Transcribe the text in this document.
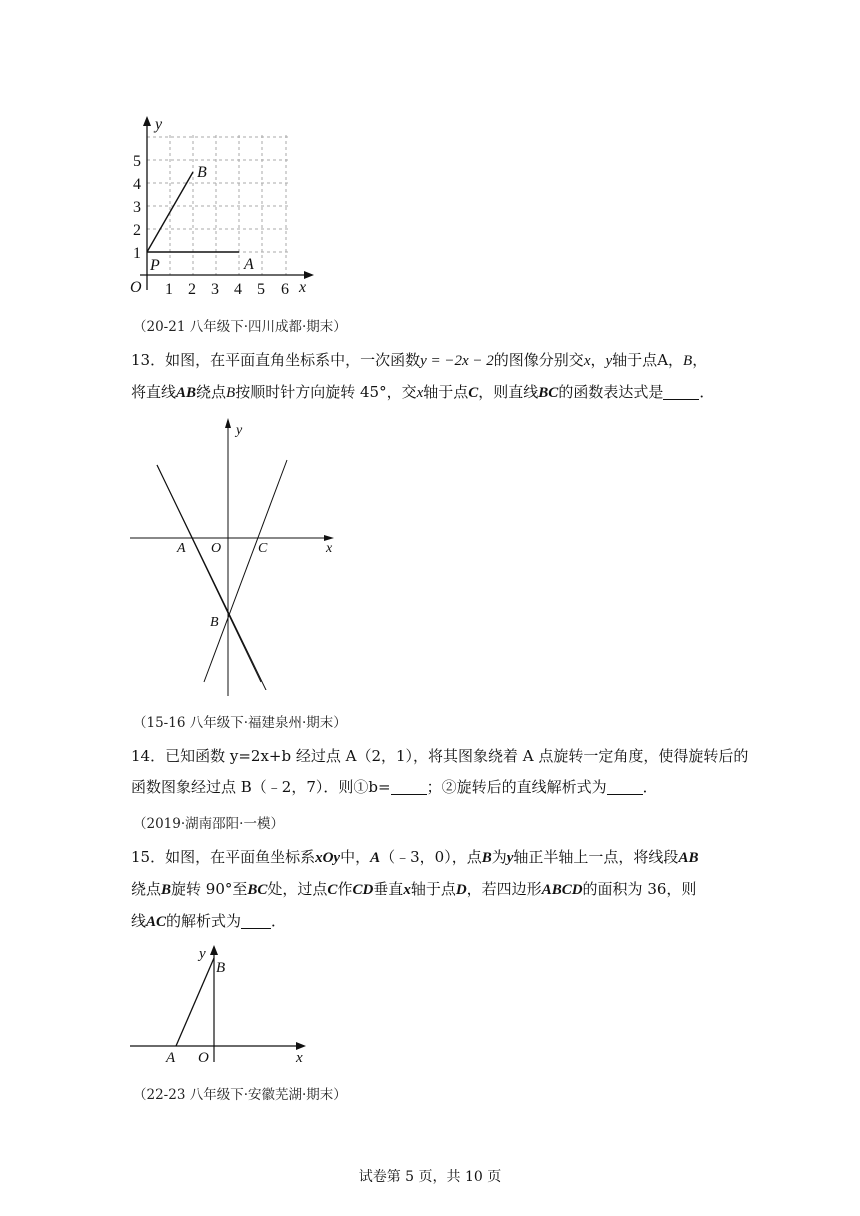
5
4
3
2
1
1 2 3 4 5 6
O	x
y
P	A
B
（20-21 八年级下·四川成都·期末）
13．如图，在平面直角坐标系中，一次函数y = −2x − 2的图像分别交x，y轴于点A，B，
将直线AB绕点B按顺时针方向旋转 45°，交x轴于点C，则直线BC的函数表达式是 ．
y
x
A O	C
B
（15-16 八年级下·福建泉州·期末）
14．已知函数 y=2x+b 经过点 A（2，1），将其图象绕着 A 点旋转一定角度，使得旋转后的
函数图象经过点 B（﹣2，7）．则①b= ；②旋转后的直线解析式为 ．
（2019·湖南邵阳·一模）
15．如图，在平面鱼坐标系xOy中，A（﹣3，0），点B为y轴正半轴上一点，将线段AB
绕点B旋转 90°至BC处，过点C作CD垂直x轴于点D，若四边形ABCD的面积为 36，则
线AC的解析式为 ．
y
B
x
A O
（22-23 八年级下·安徽芜湖·期末）
试卷第 5 页，共 10 页
